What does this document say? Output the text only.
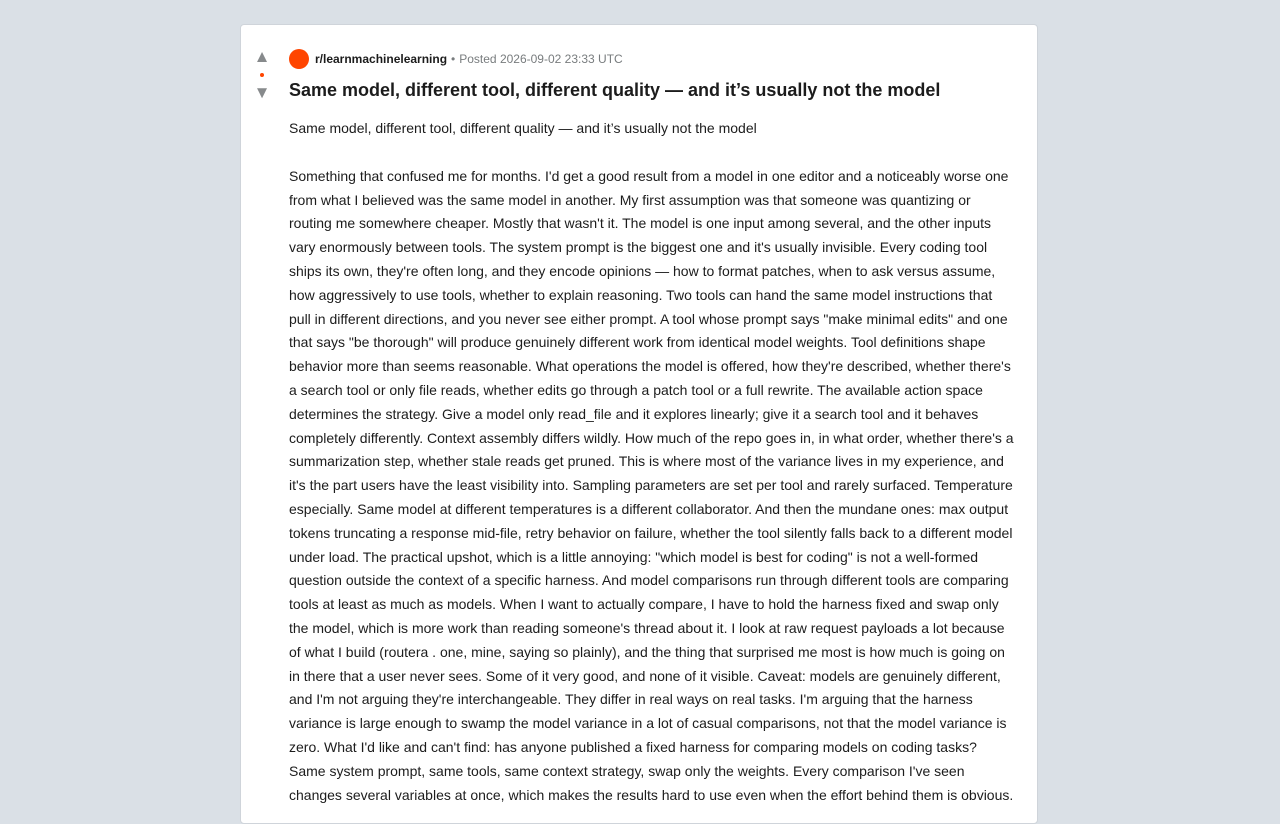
▲
▼
r/learnmachinelearning • Posted 2026-09-02 23:33 UTC
Same model, different tool, different quality — and it’s usually not the model

Same model, different tool, different quality — and it’s usually not the model

Something that confused me for months. I'd get a good result from a model in one editor and a noticeably worse one from what I believed was the same model in another. My first assumption was that someone was quantizing or routing me somewhere cheaper. Mostly that wasn't it. The model is one input among several, and the other inputs vary enormously between tools. The system prompt is the biggest one and it's usually invisible. Every coding tool ships its own, they're often long, and they encode opinions — how to format patches, when to ask versus assume, how aggressively to use tools, whether to explain reasoning. Two tools can hand the same model instructions that pull in different directions, and you never see either prompt. A tool whose prompt says "make minimal edits" and one that says "be thorough" will produce genuinely different work from identical model weights. Tool definitions shape behavior more than seems reasonable. What operations the model is offered, how they're described, whether there's a search tool or only file reads, whether edits go through a patch tool or a full rewrite. The available action space determines the strategy. Give a model only read_file and it explores linearly; give it a search tool and it behaves completely differently. Context assembly differs wildly. How much of the repo goes in, in what order, whether there's a summarization step, whether stale reads get pruned. This is where most of the variance lives in my experience, and it's the part users have the least visibility into. Sampling parameters are set per tool and rarely surfaced. Temperature especially. Same model at different temperatures is a different collaborator. And then the mundane ones: max output tokens truncating a response mid-file, retry behavior on failure, whether the tool silently falls back to a different model under load. The practical upshot, which is a little annoying: "which model is best for coding" is not a well-formed question outside the context of a specific harness. And model comparisons run through different tools are comparing tools at least as much as models. When I want to actually compare, I have to hold the harness fixed and swap only the model, which is more work than reading someone's thread about it. I look at raw request payloads a lot because of what I build (routera . one, mine, saying so plainly), and the thing that surprised me most is how much is going on in there that a user never sees. Some of it very good, and none of it visible. Caveat: models are genuinely different, and I'm not arguing they're interchangeable. They differ in real ways on real tasks. I'm arguing that the harness variance is large enough to swamp the model variance in a lot of casual comparisons, not that the model variance is zero. What I'd like and can't find: has anyone published a fixed harness for comparing models on coding tasks? Same system prompt, same tools, same context strategy, swap only the weights. Every comparison I've seen changes several variables at once, which makes the results hard to use even when the effort behind them is obvious.
